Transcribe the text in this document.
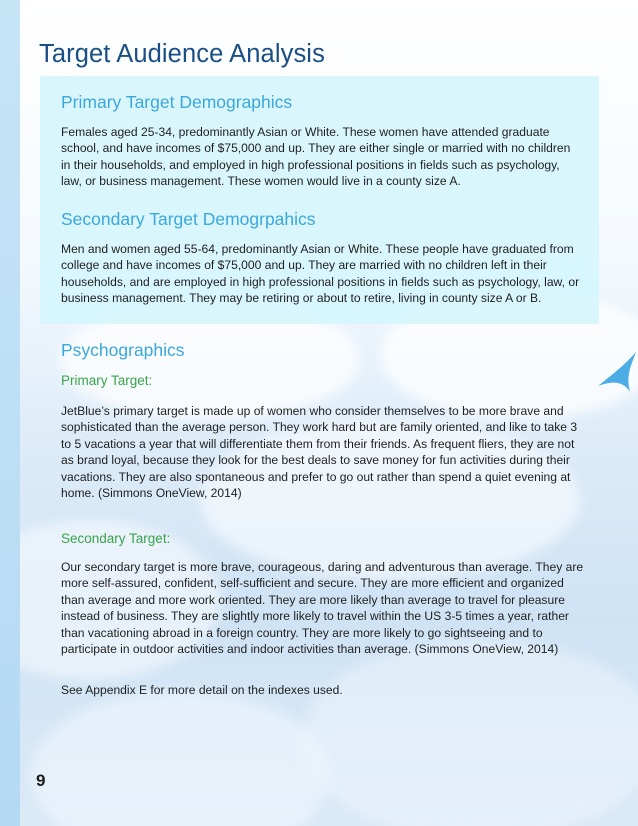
Target Audience Analysis
Primary Target Demographics

Females aged 25-34, predominantly Asian or White. These women have attended graduate school, and have incomes of $75,000 and up. They are either single or married with no children in their households, and employed in high professional positions in fields such as psychology, law, or business management. These women would live in a county size A.

Secondary Target Demogrpahics

Men and women aged 55-64, predominantly Asian or White. These people have graduated from college and have incomes of $75,000 and up. They are married with no children left in their households, and are employed in high professional positions in fields such as psychology, law, or business management. They may be retiring or about to retire, living in county size A or B.

Psychographics
Primary Target:

JetBlue’s primary target is made up of women who consider themselves to be more brave and sophisticated than the average person. They work hard but are family oriented, and like to take 3 to 5 vacations a year that will differentiate them from their friends. As frequent fliers, they are not as brand loyal, because they look for the best deals to save money for fun activities during their vacations. They are also spontaneous and prefer to go out rather than spend a quiet evening at home. (Simmons OneView, 2014)

Secondary Target:

Our secondary target is more brave, courageous, daring and adventurous than average. They are more self-assured, confident, self-sufficient and secure. They are more efficient and organized than average and more work oriented. They are more likely than average to travel for pleasure instead of business. They are slightly more likely to travel within the US 3-5 times a year, rather than vacationing abroad in a foreign country. They are more likely to go sightseeing and to participate in outdoor activities and indoor activities than average. (Simmons OneView, 2014)

See Appendix E for more detail on the indexes used.

9
